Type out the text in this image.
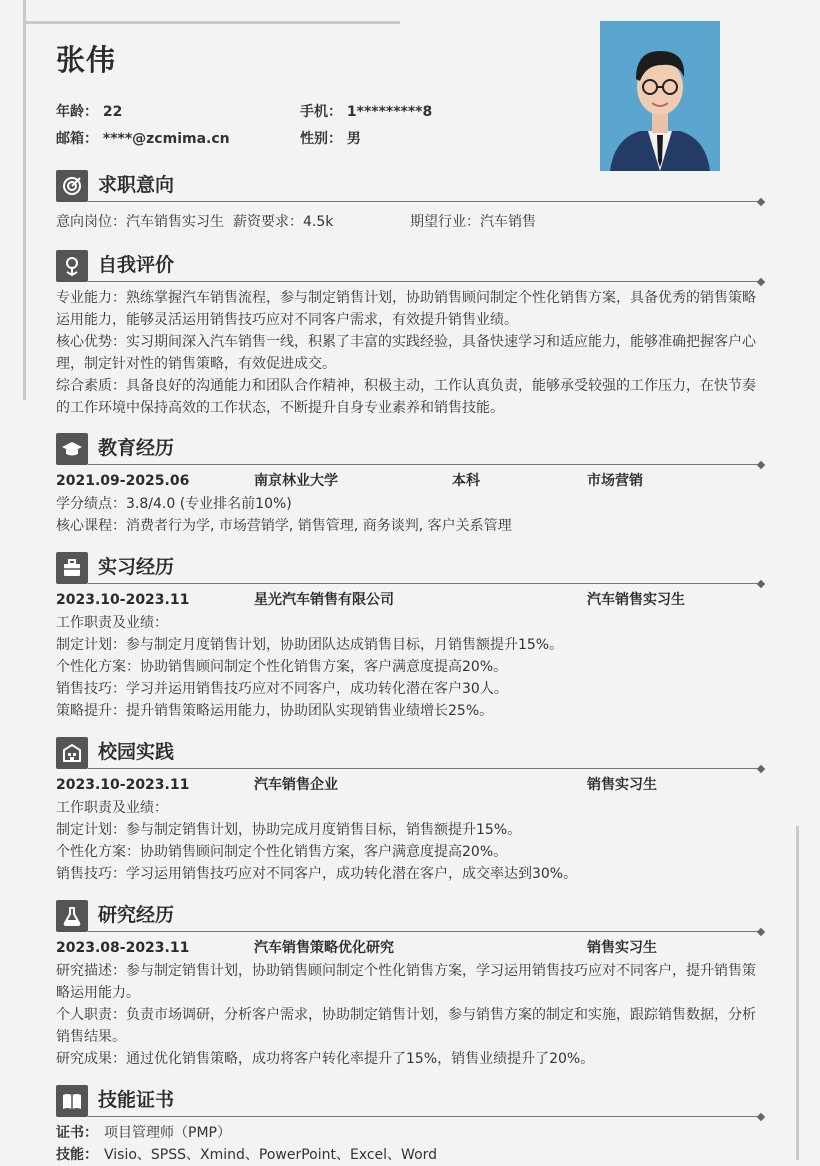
张伟
年龄： 22	手机： 1*********8
邮箱： ****@zcmima.cn	性别： 男
求职意向
意向岗位：汽车销售实习生 薪资要求：4.5k	期望行业：汽车销售
自我评价
专业能力：熟练掌握汽车销售流程，参与制定销售计划，协助销售顾问制定个性化销售方案，具备优秀的销售策略运用能力，能够灵活运用销售技巧应对不同客户需求，有效提升销售业绩。
核心优势：实习期间深入汽车销售一线，积累了丰富的实践经验，具备快速学习和适应能力，能够准确把握客户心理，制定针对性的销售策略，有效促进成交。
综合素质：具备良好的沟通能力和团队合作精神，积极主动，工作认真负责，能够承受较强的工作压力，在快节奏的工作环境中保持高效的工作状态，不断提升自身专业素养和销售技能。
教育经历
2021.09-2025.06	南京林业大学	本科	市场营销
学分绩点：3.8/4.0 (专业排名前10%)
核心课程：消费者行为学, 市场营销学, 销售管理, 商务谈判, 客户关系管理
实习经历
2023.10-2023.11	星光汽车销售有限公司	汽车销售实习生
工作职责及业绩：
制定计划：参与制定月度销售计划，协助团队达成销售目标，月销售额提升15%。
个性化方案：协助销售顾问制定个性化销售方案，客户满意度提高20%。
销售技巧：学习并运用销售技巧应对不同客户，成功转化潜在客户30人。
策略提升：提升销售策略运用能力，协助团队实现销售业绩增长25%。
校园实践
2023.10-2023.11	汽车销售企业	销售实习生
工作职责及业绩：
制定计划：参与制定销售计划，协助完成月度销售目标，销售额提升15%。
个性化方案：协助销售顾问制定个性化销售方案，客户满意度提高20%。
销售技巧：学习运用销售技巧应对不同客户，成功转化潜在客户，成交率达到30%。
研究经历
2023.08-2023.11	汽车销售策略优化研究	销售实习生
研究描述：参与制定销售计划，协助销售顾问制定个性化销售方案，学习运用销售技巧应对不同客户，提升销售策略运用能力。
个人职责：负责市场调研，分析客户需求，协助制定销售计划，参与销售方案的制定和实施，跟踪销售数据，分析销售结果。
研究成果：通过优化销售策略，成功将客户转化率提升了15%，销售业绩提升了20%。
技能证书
证书： 项目管理师（PMP）
技能： Visio、SPSS、Xmind、PowerPoint、Excel、Word
